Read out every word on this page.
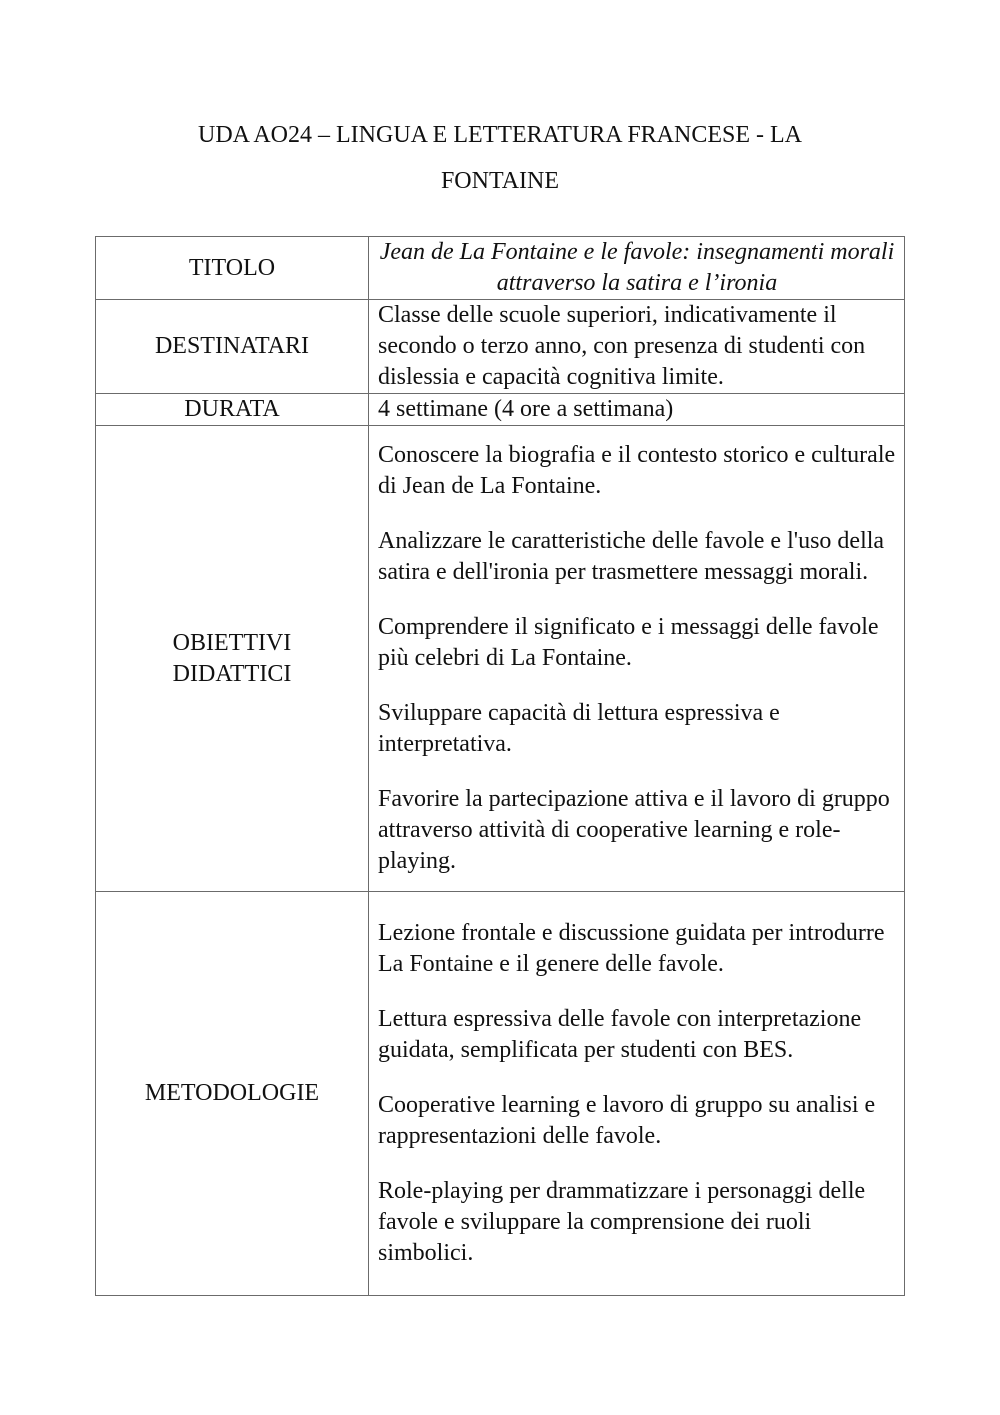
UDA AO24 – LINGUA E LETTERATURA FRANCESE - LA
FONTAINE
TITOLO	Jean de La Fontaine e le favole: insegnamenti morali attraverso la satira e l’ironia

DESTINATARI	Classe delle scuole superiori, indicativamente il secondo o terzo anno, con presenza di studenti con dislessia e capacità cognitiva limite.

DURATA	4 settimane (4 ore a settimana)

OBIETTIVI
DIDATTICI	Conoscere la biografia e il contesto storico e culturale di Jean de La Fontaine.
Analizzare le caratteristiche delle favole e l'uso della satira e dell'ironia per trasmettere messaggi morali.
Comprendere il significato e i messaggi delle favole più celebri di La Fontaine.
Sviluppare capacità di lettura espressiva e interpretativa.
Favorire la partecipazione attiva e il lavoro di gruppo attraverso attività di cooperative learning e role-playing.

METODOLOGIE	Lezione frontale e discussione guidata per introdurre La Fontaine e il genere delle favole.
Lettura espressiva delle favole con interpretazione guidata, semplificata per studenti con BES.
Cooperative learning e lavoro di gruppo su analisi e rappresentazioni delle favole.
Role-playing per drammatizzare i personaggi delle favole e sviluppare la comprensione dei ruoli simbolici.
